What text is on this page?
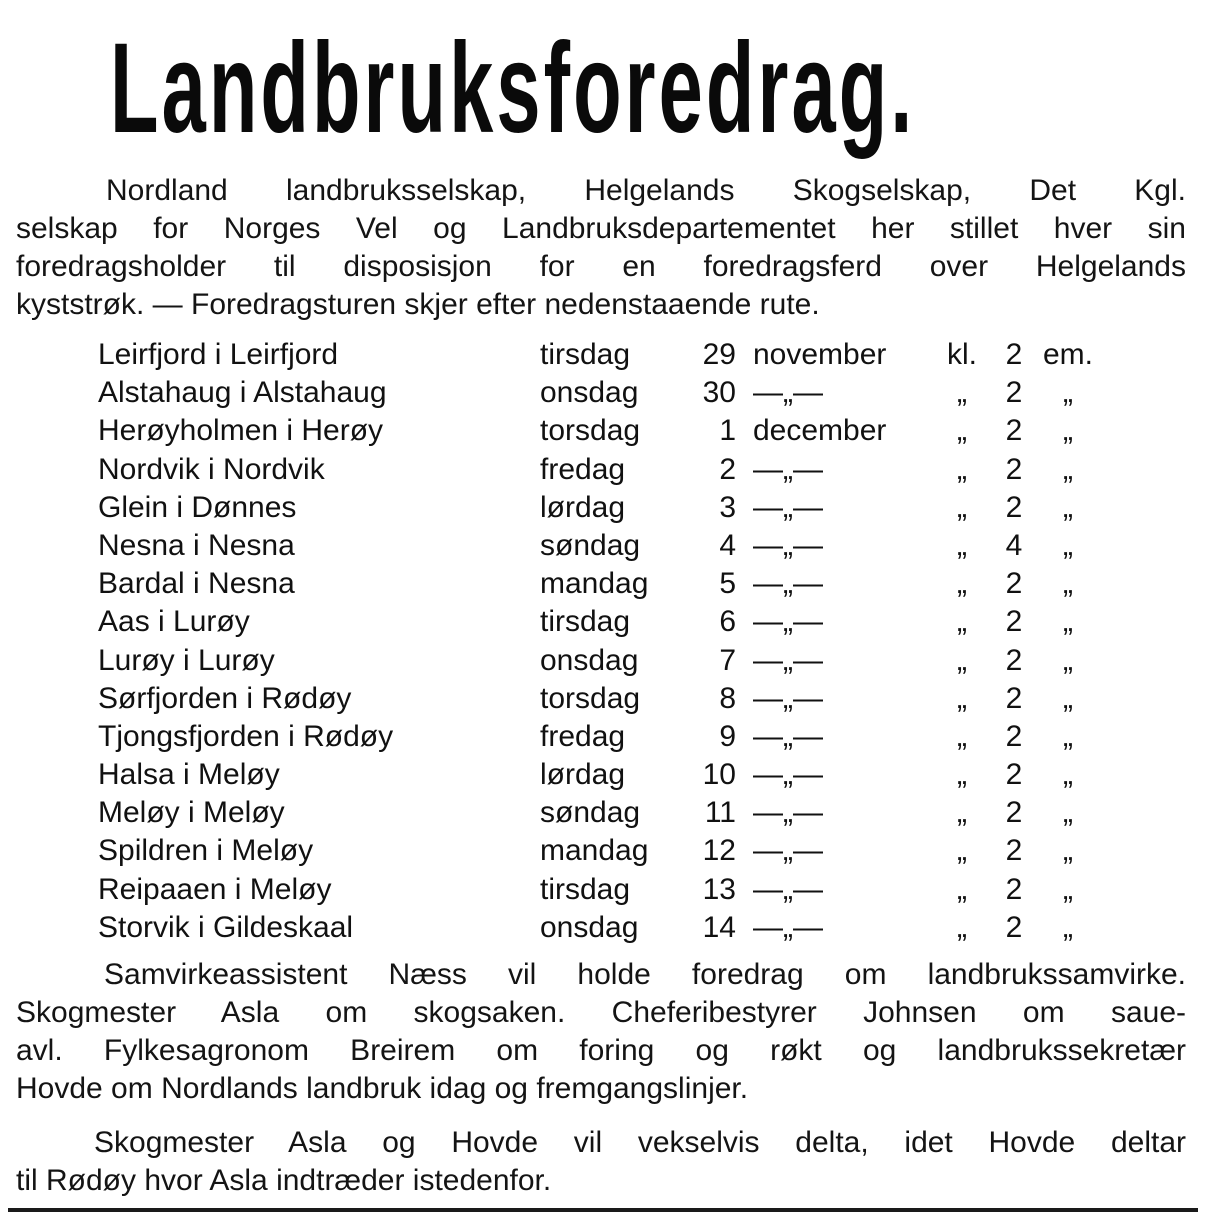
Landbruksforedrag.
Nordland landbruksselskap, Helgelands Skogselskap, Det Kgl.
selskap for Norges Vel og Landbruksdepartementet her stillet hver sin
foredragsholder til disposisjon for en foredragsferd over Helgelands
kyststrøk. — Foredragsturen skjer efter nedenstaaende rute.
Leirfjord i Leirfjord	tirsdag 29 november kl. 2 em.
Alstahaug i Alstahaug	onsdag 30 —„—	„	2	„
Herøyholmen i Herøy	torsdag	1 december	„	2	„
Nordvik i Nordvik	fredag	2 —„—	„	2	„
Glein i Dønnes	lørdag	3 —„—	„	2	„
Nesna i Nesna	søndag	4 —„—	„	4	„
Bardal i Nesna	mandag	5 —„—	„	2	„
Aas i Lurøy	tirsdag	6 —„—	„	2	„
Lurøy i Lurøy	onsdag	7 —„—	„	2	„
Sørfjorden i Rødøy	torsdag	8 —„—	„	2	„
Tjongsfjorden i Rødøy	fredag	9 —„—	„	2	„
Halsa i Meløy	lørdag	10 —„—	„	2	„
Meløy i Meløy	søndag	11 —„—	„	2	„
Spildren i Meløy	mandag 12 —„—	„	2	„
Reipaaen i Meløy	tirsdag 13 —„—	„	2	„
Storvik i Gildeskaal	onsdag 14 —„—	„	2	„
Samvirkeassistent Næss vil holde foredrag om landbrukssamvirke.
Skogmester Asla om skogsaken. Cheferibestyrer Johnsen om saue-
avl. Fylkesagronom Breirem om foring og røkt og landbrukssekretær
Hovde om Nordlands landbruk idag og fremgangslinjer.
Skogmester Asla og Hovde vil vekselvis delta, idet Hovde deltar
til Rødøy hvor Asla indtræder istedenfor.
